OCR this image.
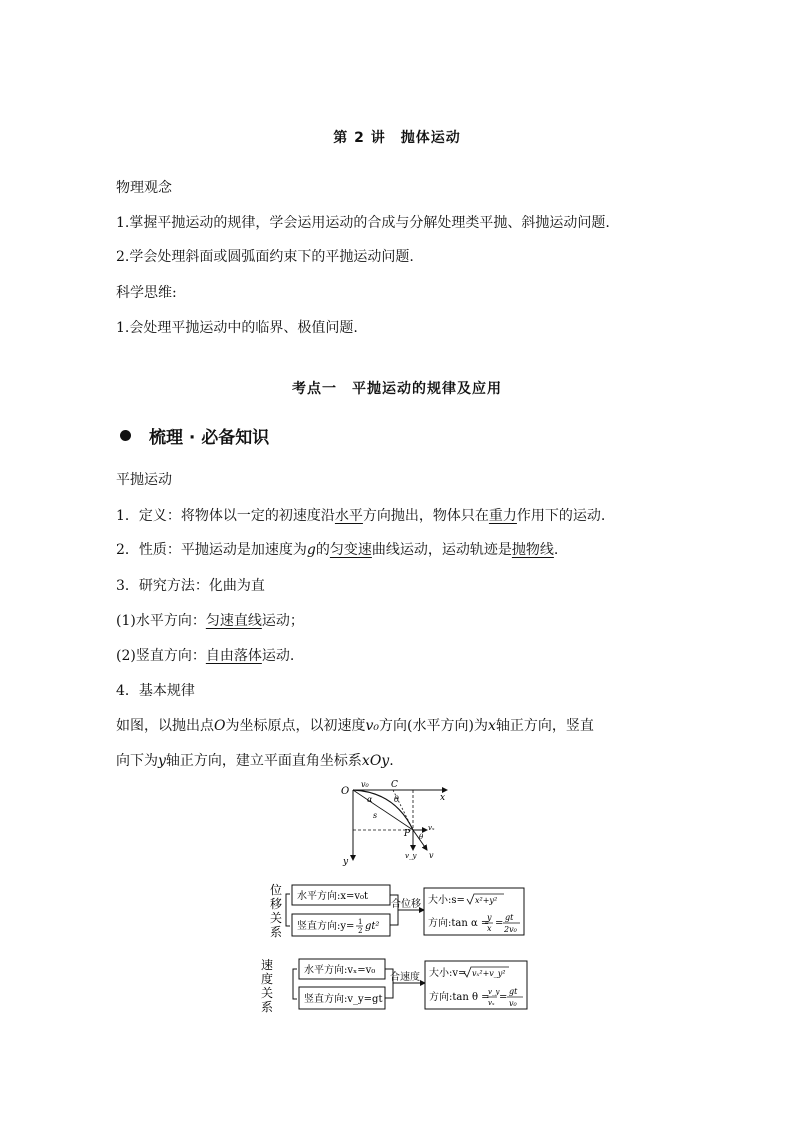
第 2 讲　抛体运动
物理观念
1.掌握平抛运动的规律，学会运用运动的合成与分解处理类平抛、斜抛运动问题.
2.学会处理斜面或圆弧面约束下的平抛运动问题.
科学思维:
1.会处理平抛运动中的临界、极值问题.
考点一　平抛运动的规律及应用
梳理 · 必备知识
平抛运动
1．定义：将物体以一定的初速度沿水平方向抛出，物体只在重力作用下的运动.
2．性质：平抛运动是加速度为g的匀变速曲线运动，运动轨迹是抛物线.
3．研究方法：化曲为直
(1)水平方向：匀速直线运动；
(2)竖直方向：自由落体运动.
4．基本规律
如图，以抛出点O为坐标原点，以初速度v₀方向(水平方向)为x轴正方向，竖直
向下为y轴正方向，建立平面直角坐标系xOy.
O
v₀ C
x
α	θ
s
P θ
vₓ
v_y v
y
位
移
关
系
水平方向:x=v₀t
竖直方向:y= 1
2 gt²
合位移 大小:s= x²+y²
方向:tan α =
y
x =
gt
2v₀
速
度
关
系
水平方向:vₓ=v₀
竖直方向:v_y=gt
合速度 大小:v= vₓ²+v_y²
方向:tan θ =
v_y
vₓ =
gt
v₀
